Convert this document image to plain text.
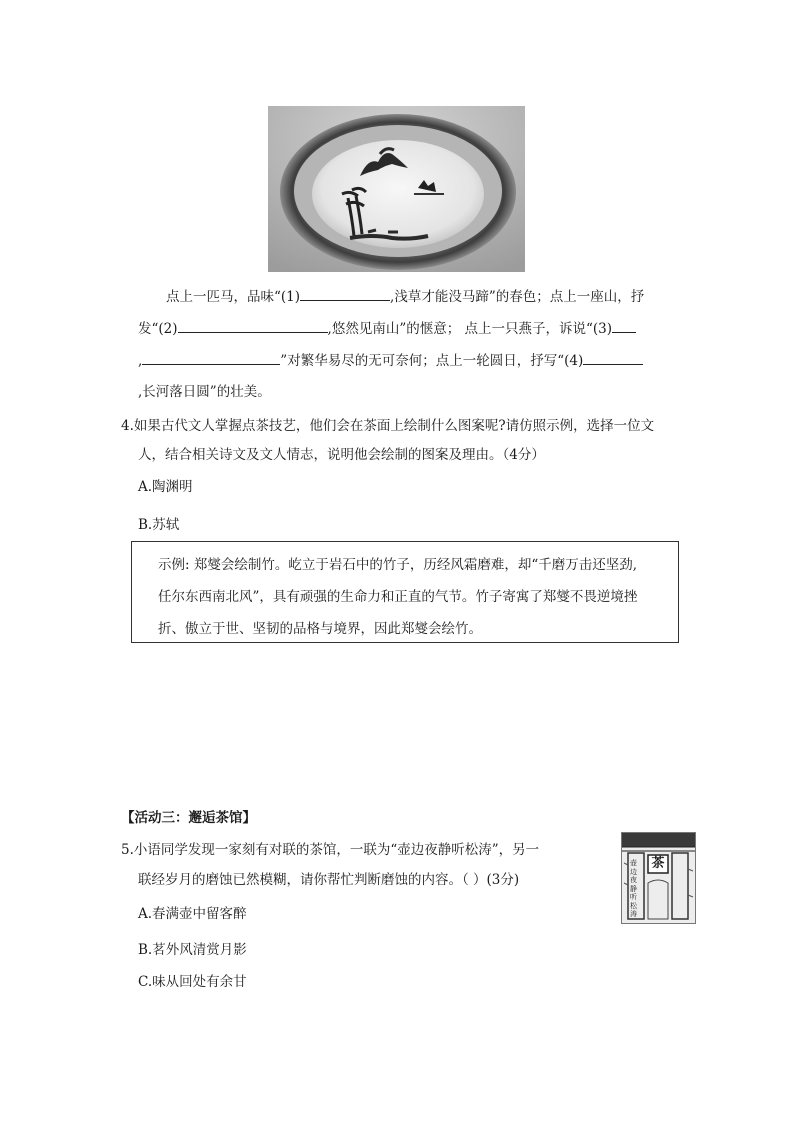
点上一匹马，品味“(1)	,浅草才能没马蹄”的春色；点上一座山，抒
发“(2)	,悠然见南山”的惬意； 点上一只燕子，诉说“(3)
,	”对繁华易尽的无可奈何；点上一轮圆日，抒写“(4)
,长河落日圆”的壮美。
4.如果古代文人掌握点茶技艺，他们会在茶面上绘制什么图案呢?请仿照示例，选择一位文
人，结合相关诗文及文人情志，说明他会绘制的图案及理由。（4分）
A.陶渊明
B.苏轼
示例: 郑燮会绘制竹。屹立于岩石中的竹子，历经风霜磨难，却“千磨万击还坚劲,
任尔东西南北风”，具有顽强的生命力和正直的气节。竹子寄寓了郑燮不畏逆境挫
折、傲立于世、坚韧的品格与境界，因此郑燮会绘竹。
【活动三：邂逅茶馆】
5.小语同学发现一家刻有对联的茶馆，一联为“壶边夜静听松涛”，另一
联经岁月的磨蚀已然模糊，请你帮忙判断磨蚀的内容。（ ）(3分)
A.春满壶中留客醉
B.茗外风清赏月影
C.味从回处有余甘
茶
壶边夜静听松涛
